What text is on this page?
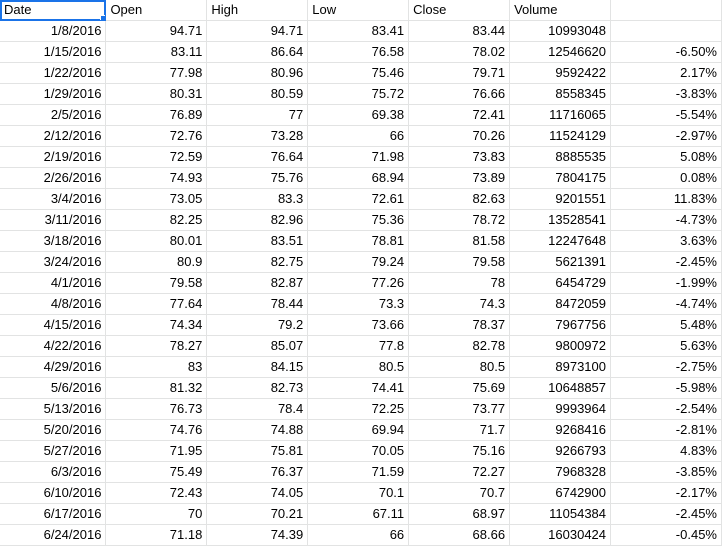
Date	Open	High	Low	Close	Volume	
1/8/2016	94.71	94.71	83.41	83.44	10993048	
1/15/2016	83.11	86.64	76.58	78.02	12546620	-6.50%
1/22/2016	77.98	80.96	75.46	79.71	9592422	2.17%
1/29/2016	80.31	80.59	75.72	76.66	8558345	-3.83%
2/5/2016	76.89	77	69.38	72.41	11716065	-5.54%
2/12/2016	72.76	73.28	66	70.26	11524129	-2.97%
2/19/2016	72.59	76.64	71.98	73.83	8885535	5.08%
2/26/2016	74.93	75.76	68.94	73.89	7804175	0.08%
3/4/2016	73.05	83.3	72.61	82.63	9201551	11.83%
3/11/2016	82.25	82.96	75.36	78.72	13528541	-4.73%
3/18/2016	80.01	83.51	78.81	81.58	12247648	3.63%
3/24/2016	80.9	82.75	79.24	79.58	5621391	-2.45%
4/1/2016	79.58	82.87	77.26	78	6454729	-1.99%
4/8/2016	77.64	78.44	73.3	74.3	8472059	-4.74%
4/15/2016	74.34	79.2	73.66	78.37	7967756	5.48%
4/22/2016	78.27	85.07	77.8	82.78	9800972	5.63%
4/29/2016	83	84.15	80.5	80.5	8973100	-2.75%
5/6/2016	81.32	82.73	74.41	75.69	10648857	-5.98%
5/13/2016	76.73	78.4	72.25	73.77	9993964	-2.54%
5/20/2016	74.76	74.88	69.94	71.7	9268416	-2.81%
5/27/2016	71.95	75.81	70.05	75.16	9266793	4.83%
6/3/2016	75.49	76.37	71.59	72.27	7968328	-3.85%
6/10/2016	72.43	74.05	70.1	70.7	6742900	-2.17%
6/17/2016	70	70.21	67.11	68.97	11054384	-2.45%
6/24/2016	71.18	74.39	66	68.66	16030424	-0.45%
